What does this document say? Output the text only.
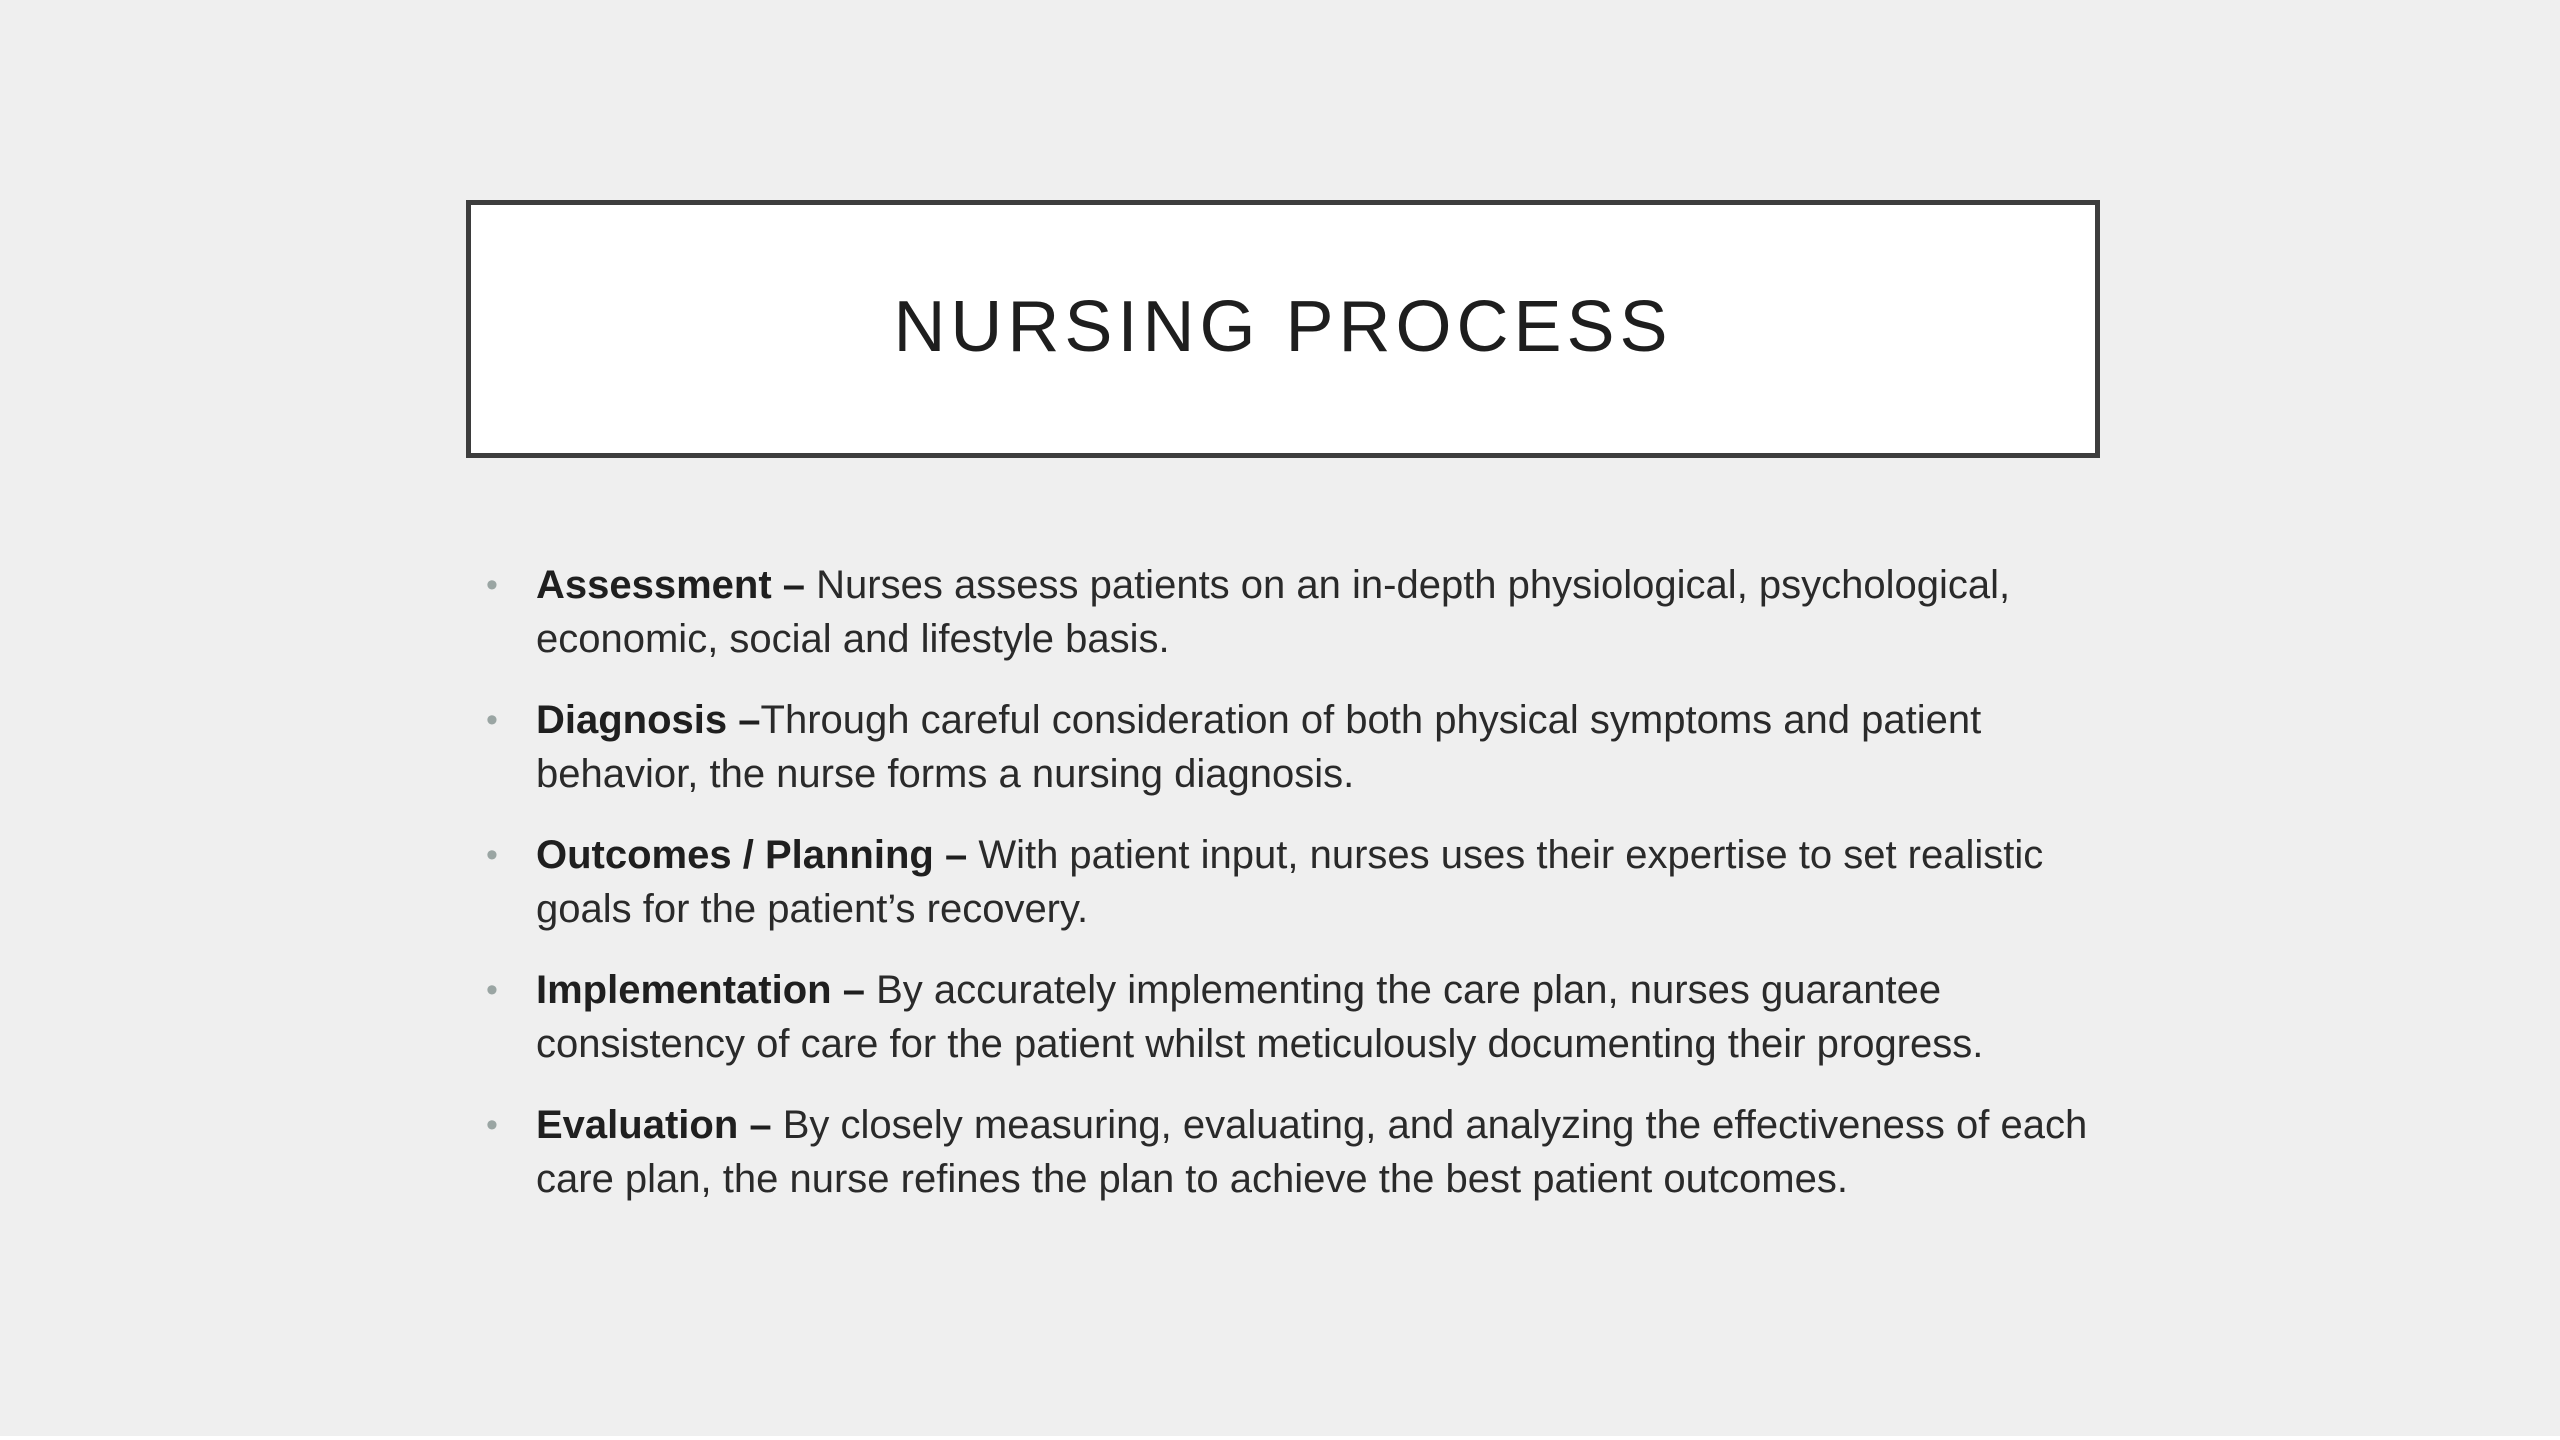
NURSING PROCESS
• Assessment – Nurses assess patients on an in-depth physiological, psychological, economic, social and lifestyle basis.
• Diagnosis –Through careful consideration of both physical symptoms and patient behavior, the nurse forms a nursing diagnosis.
• Outcomes / Planning – With patient input, nurses uses their expertise to set realistic goals for the patient’s recovery.
• Implementation – By accurately implementing the care plan, nurses guarantee consistency of care for the patient whilst meticulously documenting their progress.
• Evaluation – By closely measuring, evaluating, and analyzing the effectiveness of each care plan, the nurse refines the plan to achieve the best patient outcomes.
